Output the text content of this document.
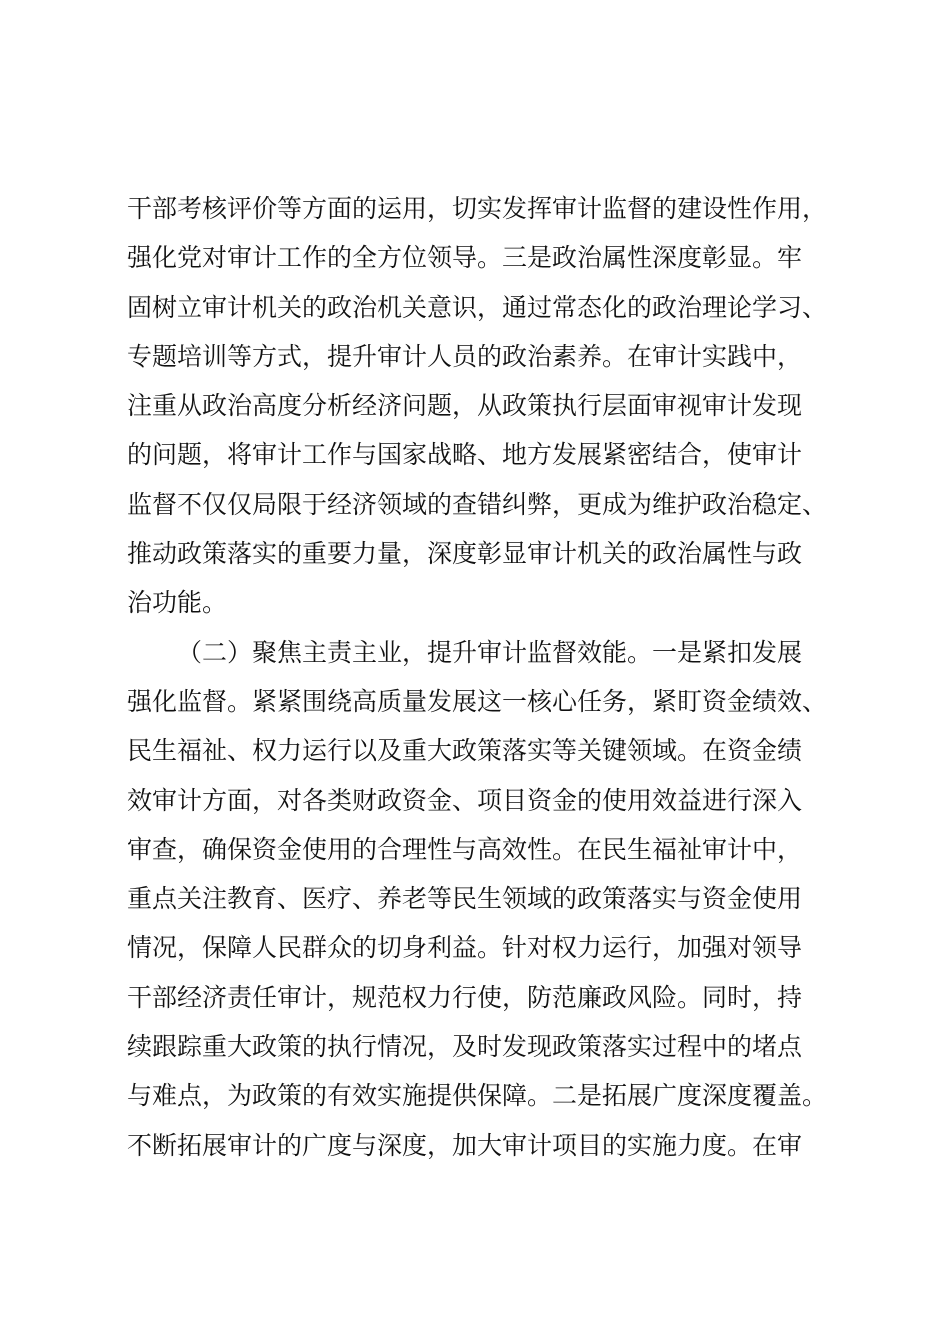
干部考核评价等方面的运用，切实发挥审计监督的建设性作用，
强化党对审计工作的全方位领导。三是政治属性深度彰显。牢
固树立审计机关的政治机关意识，通过常态化的政治理论学习、
专题培训等方式，提升审计人员的政治素养。在审计实践中，
注重从政治高度分析经济问题，从政策执行层面审视审计发现
的问题，将审计工作与国家战略、地方发展紧密结合，使审计
监督不仅仅局限于经济领域的查错纠弊，更成为维护政治稳定、
推动政策落实的重要力量，深度彰显审计机关的政治属性与政
治功能。
（二）聚焦主责主业，提升审计监督效能。一是紧扣发展
强化监督。紧紧围绕高质量发展这一核心任务，紧盯资金绩效、
民生福祉、权力运行以及重大政策落实等关键领域。在资金绩
效审计方面，对各类财政资金、项目资金的使用效益进行深入
审查，确保资金使用的合理性与高效性。在民生福祉审计中，
重点关注教育、医疗、养老等民生领域的政策落实与资金使用
情况，保障人民群众的切身利益。针对权力运行，加强对领导
干部经济责任审计，规范权力行使，防范廉政风险。同时，持
续跟踪重大政策的执行情况，及时发现政策落实过程中的堵点
与难点，为政策的有效实施提供保障。二是拓展广度深度覆盖。
不断拓展审计的广度与深度，加大审计项目的实施力度。在审
